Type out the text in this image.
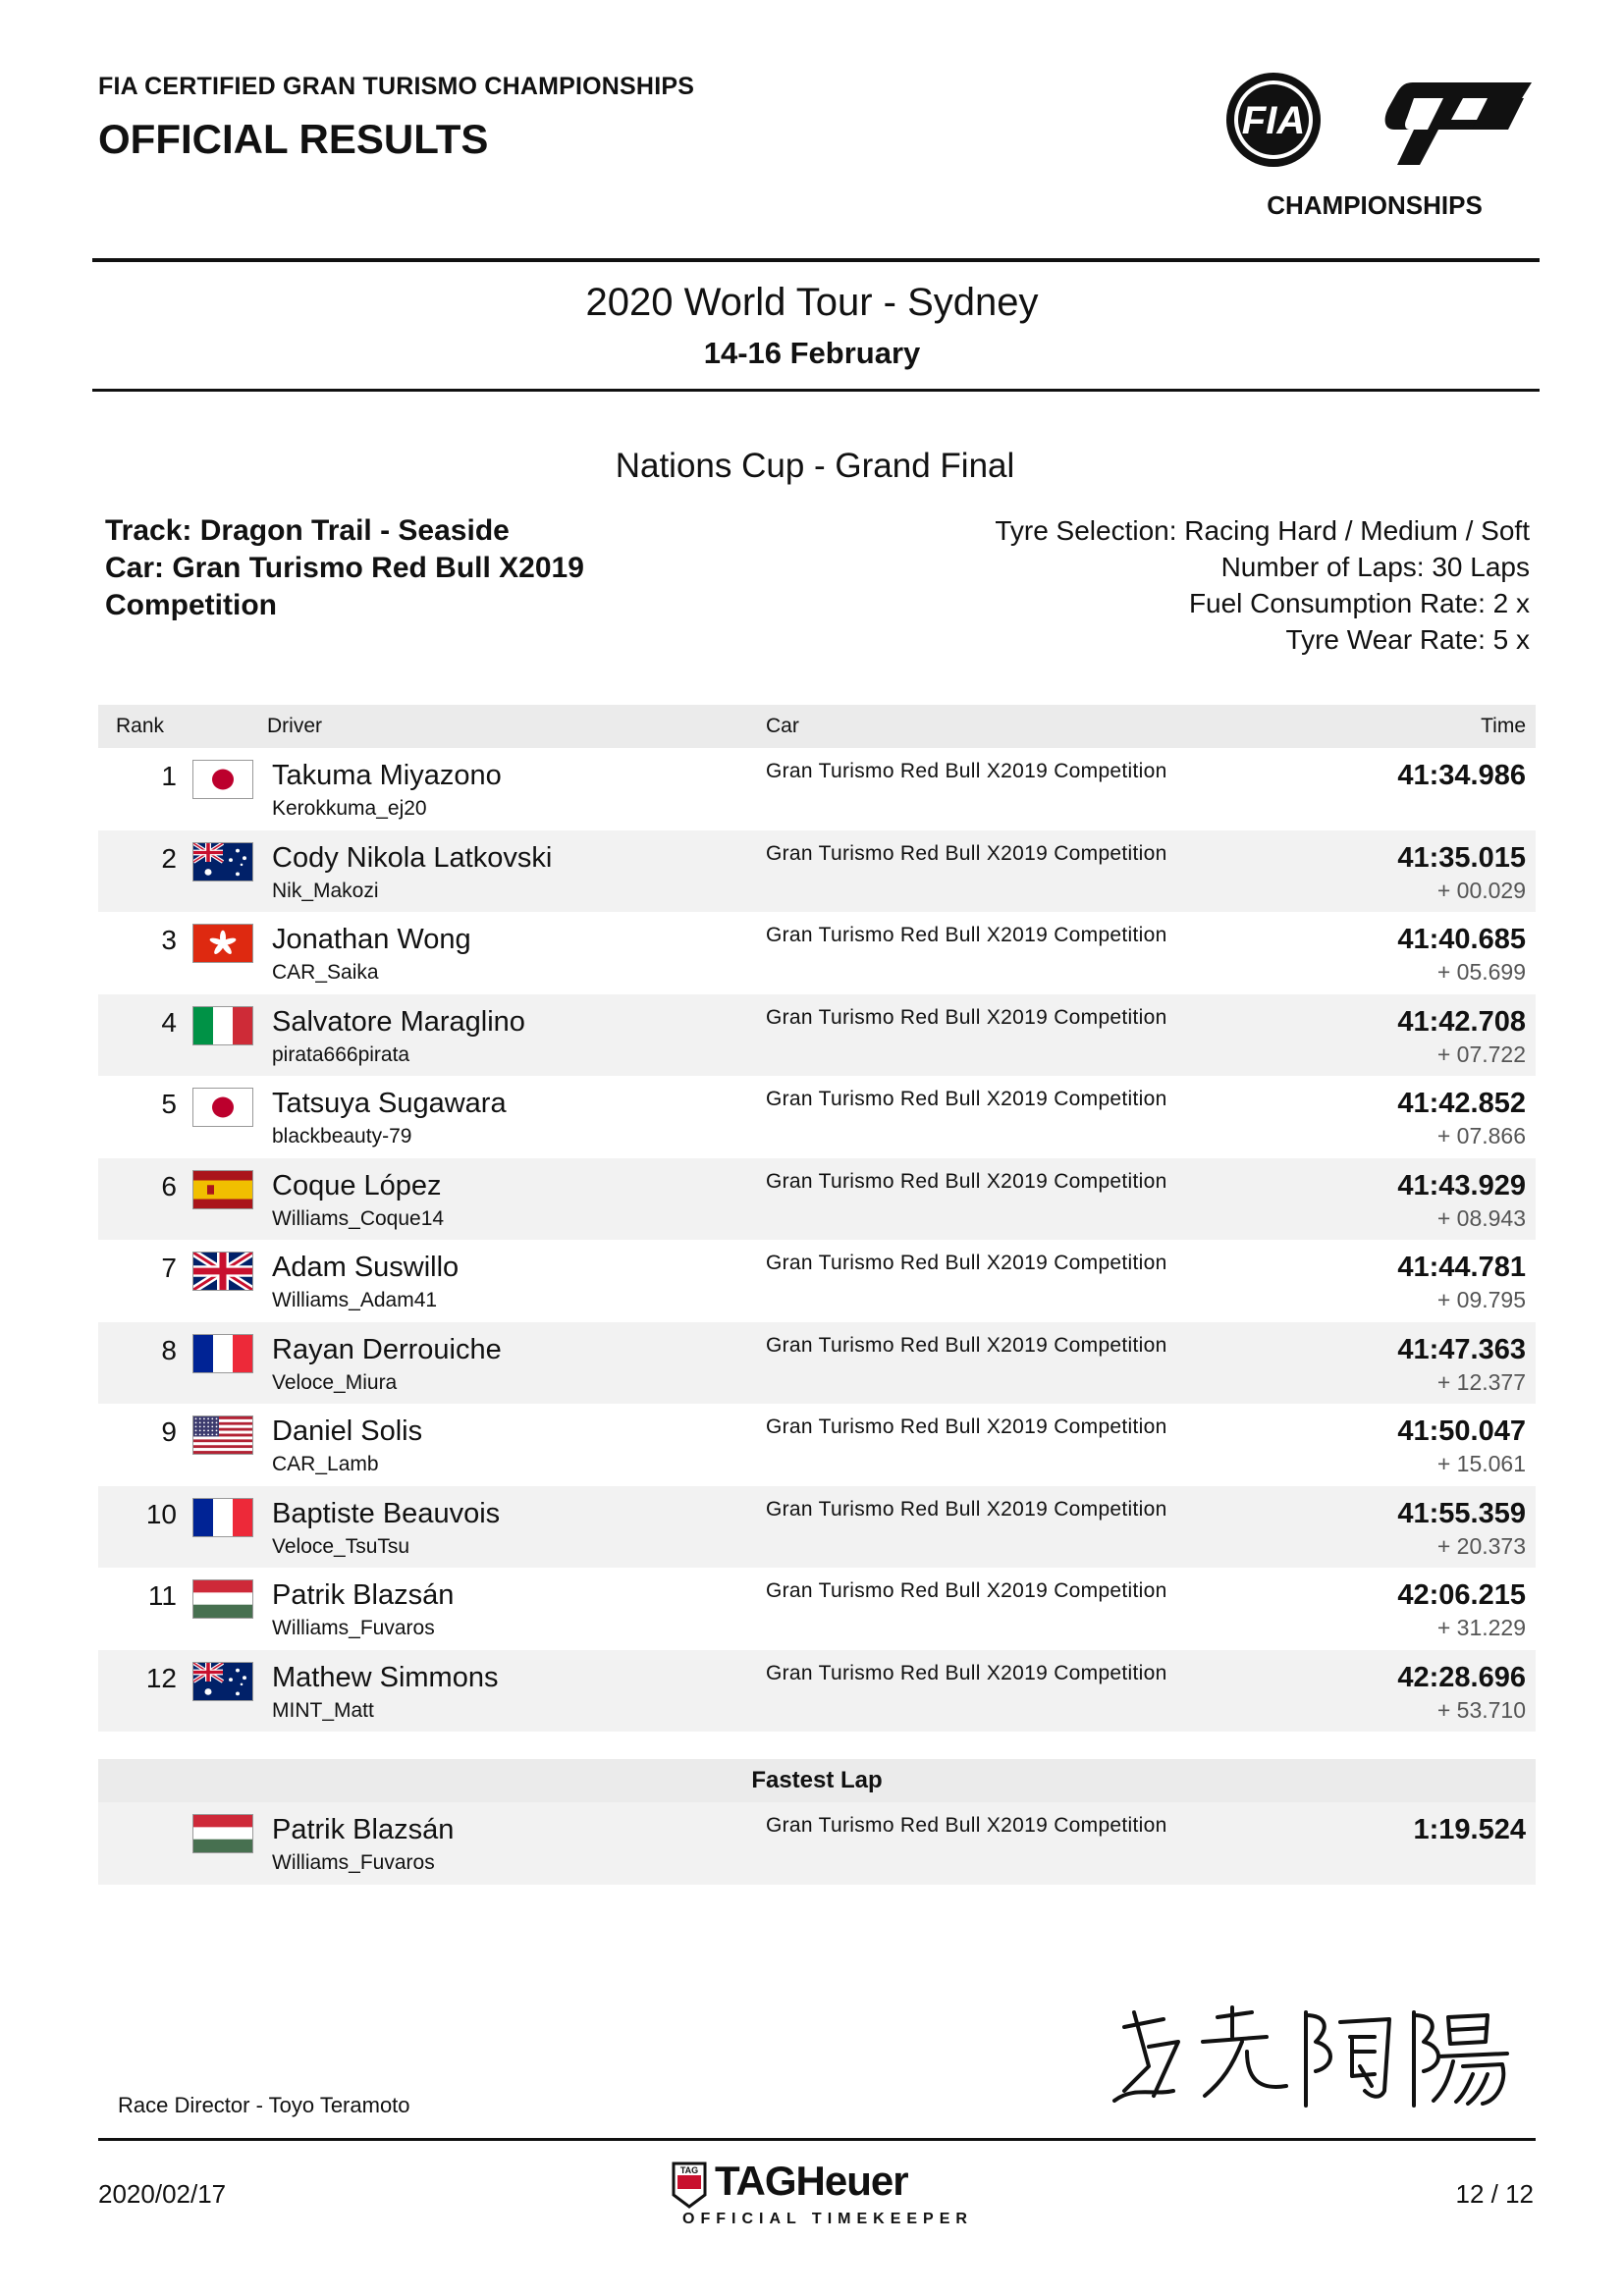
FIA CERTIFIED GRAN TURISMO CHAMPIONSHIPS
OFFICIAL RESULTS	FIA
CHAMPIONSHIPS
2020 World Tour - Sydney
14-16 February
Nations Cup - Grand Final
Track: Dragon Trail - Seaside
Car: Gran Turismo Red Bull X2019
Competition
Tyre Selection: Racing Hard / Medium / Soft
Number of Laps: 30 Laps
Fuel Consumption Rate: 2 x
Tyre Wear Rate: 5 x
Rank	Driver	Car	Time
1	Takuma Miyazono
Kerokkuma_ej20
Gran Turismo Red Bull X2019 Competition	41:34.986
2	Cody Nikola Latkovski
Nik_Makozi
Gran Turismo Red Bull X2019 Competition	41:35.015
+ 00.029
3	Jonathan Wong
CAR_Saika
Gran Turismo Red Bull X2019 Competition	41:40.685
+ 05.699
4	Salvatore Maraglino
pirata666pirata
Gran Turismo Red Bull X2019 Competition	41:42.708
+ 07.722
5	Tatsuya Sugawara
blackbeauty-79
Gran Turismo Red Bull X2019 Competition	41:42.852
+ 07.866
6	Coque López
Williams_Coque14
Gran Turismo Red Bull X2019 Competition	41:43.929
+ 08.943
7	Adam Suswillo
Williams_Adam41
Gran Turismo Red Bull X2019 Competition	41:44.781
+ 09.795
8	Rayan Derrouiche
Veloce_Miura
Gran Turismo Red Bull X2019 Competition	41:47.363
+ 12.377
9	Daniel Solis
CAR_Lamb
Gran Turismo Red Bull X2019 Competition	41:50.047
+ 15.061
10	Baptiste Beauvois
Veloce_TsuTsu
Gran Turismo Red Bull X2019 Competition	41:55.359
+ 20.373
11	Patrik Blazsán
Williams_Fuvaros
Gran Turismo Red Bull X2019 Competition	42:06.215
+ 31.229
12	Mathew Simmons
MINT_Matt
Gran Turismo Red Bull X2019 Competition	42:28.696
+ 53.710
Fastest Lap
Patrik Blazsán
Williams_Fuvaros
Gran Turismo Red Bull X2019 Competition	1:19.524
Race Director - Toyo Teramoto
2020/02/17	12 / 12
TAG TAGHeuer
OFFICIAL TIMEKEEPER
